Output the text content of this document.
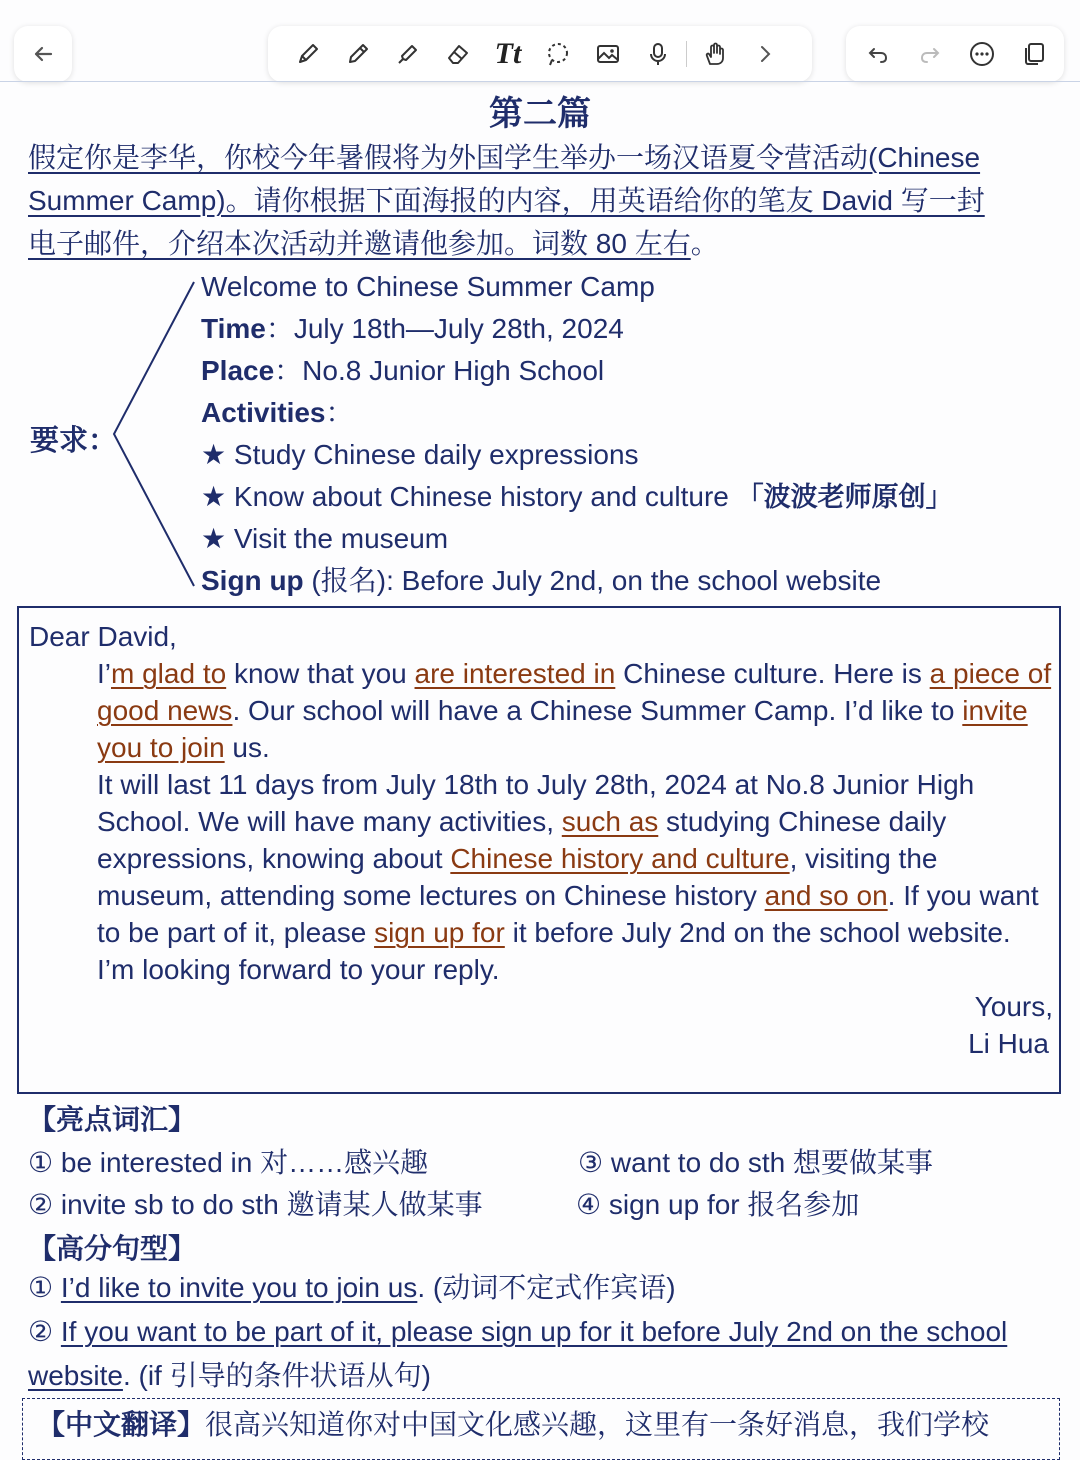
Tt
第二篇
假定你是李华，你校今年暑假将为外国学生举办一场汉语夏令营活动(Chinese
Summer Camp)。请你根据下面海报的内容，用英语给你的笔友 David 写一封
电子邮件，介绍本次活动并邀请他参加。词数 80 左右。
要求：
Welcome to Chinese Summer Camp
Time：July 18th—July 28th, 2024
Place：No.8 Junior High School
Activities：
★ Study Chinese daily expressions
★ Know about Chinese history and culture 「波波老师原创」
★ Visit the museum
Sign up (报名): Before July 2nd, on the school website
Dear David,
I’m glad to know that you are interested in Chinese culture. Here is a piece of good news. Our school will have a Chinese Summer Camp. I’d like to invite you to join us.
It will last 11 days from July 18th to July 28th, 2024 at No.8 Junior High School. We will have many activities, such as studying Chinese daily expressions, knowing about Chinese history and culture, visiting the museum, attending some lectures on Chinese history and so on. If you want to be part of it, please sign up for it before July 2nd on the school website.
I’m looking forward to your reply.
Yours,
Li Hua
【亮点词汇】
① be interested in 对……感兴趣	③ want to do sth 想要做某事
② invite sb to do sth 邀请某人做某事	④ sign up for 报名参加
【高分句型】
① I’d like to invite you to join us. (动词不定式作宾语)
② If you want to be part of it, please sign up for it before July 2nd on the school website. (if 引导的条件状语从句)
【中文翻译】很高兴知道你对中国文化感兴趣，这里有一条好消息，我们学校
